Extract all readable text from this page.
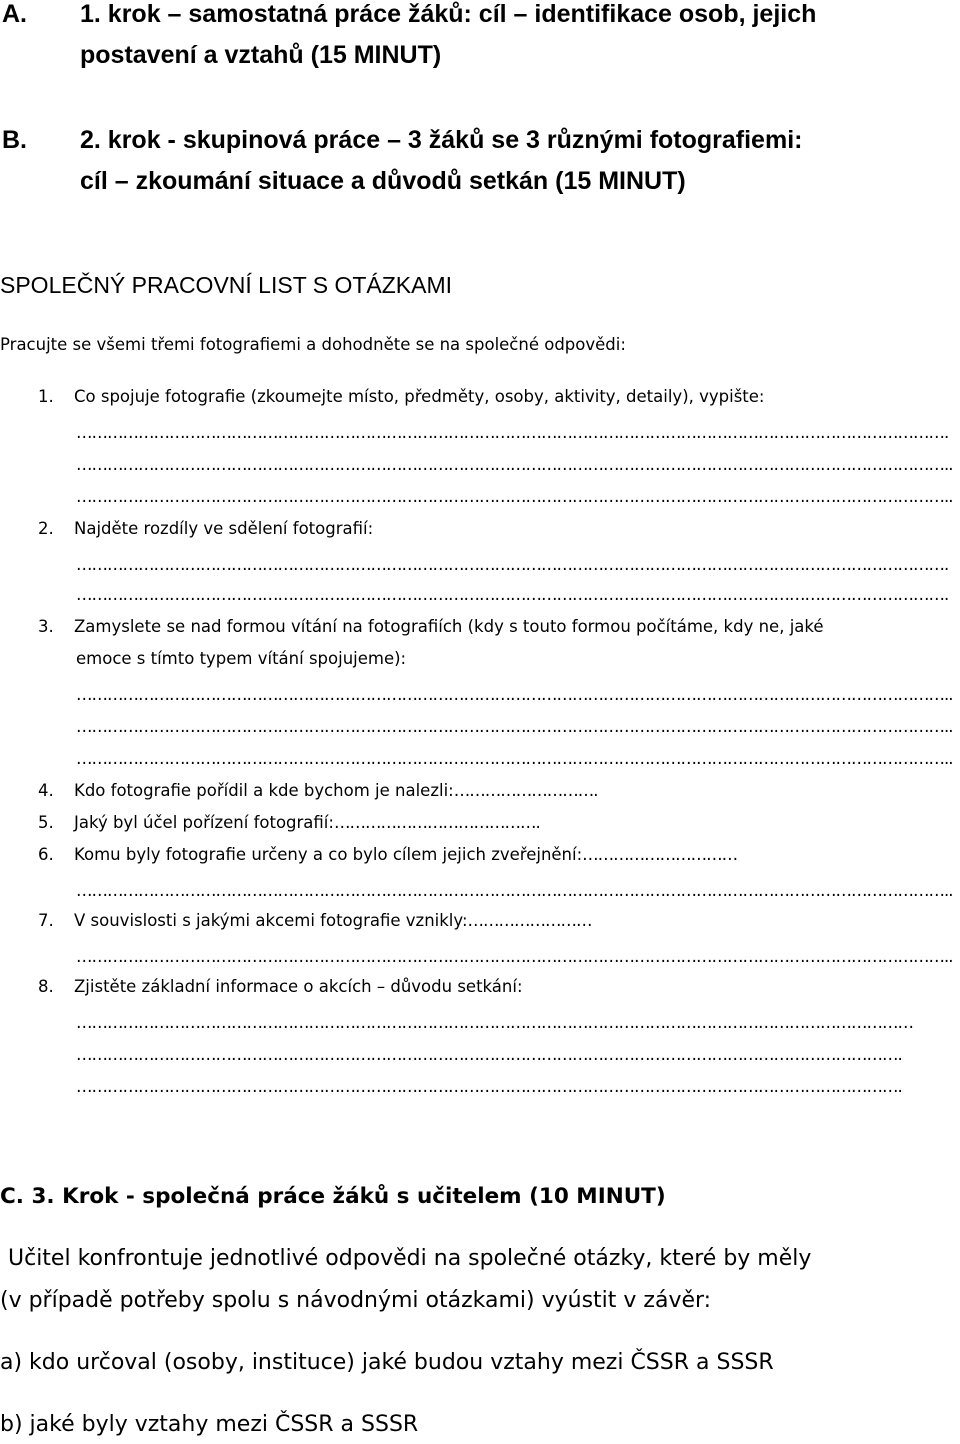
A. 1. krok – samostatná práce žáků: cíl – identifikace osob, jejich
postavení a vztahů (15 MINUT)
B. 2. krok - skupinová práce – 3 žáků se 3 různými fotografiemi:
cíl – zkoumání situace a důvodů setkán (15 MINUT)
SPOLEČNÝ PRACOVNÍ LIST S OTÁZKAMI
Pracujte se všemi třemi fotografiemi a dohodněte se na společné odpovědi:
1. Co spojuje fotografie (zkoumejte místo, předměty, osoby, aktivity, detaily), vypište:
…………………………………………………………………………………………………………………………………………………….
……………………………………………………………………………………………………………………………………………………..
……………………………………………………………………………………………………………………………………………………..
2. Najděte rozdíly ve sdělení fotografií:
…………………………………………………………………………………………………………………………………………………….
…………………………………………………………………………………………………………………………………………………….
3. Zamyslete se nad formou vítání na fotografiích (kdy s touto formou počítáme, kdy ne, jaké
emoce s tímto typem vítání spojujeme):
……………………………………………………………………………………………………………………………………………………..
……………………………………………………………………………………………………………………………………………………..
……………………………………………………………………………………………………………………………………………………..
4. Kdo fotografie pořídil a kde bychom je nalezli:……………………….
5. Jaký byl účel pořízení fotografií:………………………………….
6. Komu byly fotografie určeny a co bylo cílem jejich zveřejnění:…………………………
……………………………………………………………………………………………………………………………………………………..
7. V souvislosti s jakými akcemi fotografie vznikly:……………………
……………………………………………………………………………………………………………………………………………………..
8. Zjistěte základní informace o akcích – důvodu setkání:
………………………………………………………………………………………………………………………………………………
…………………………………………………………………………………………………………………………………………….
…………………………………………………………………………………………………………………………………………….
C. 3. Krok - společná práce žáků s učitelem (10 MINUT)
Učitel konfrontuje jednotlivé odpovědi na společné otázky, které by měly
(v případě potřeby spolu s návodnými otázkami) vyústit v závěr:
a) kdo určoval (osoby, instituce) jaké budou vztahy mezi ČSSR a SSSR
b) jaké byly vztahy mezi ČSSR a SSSR
